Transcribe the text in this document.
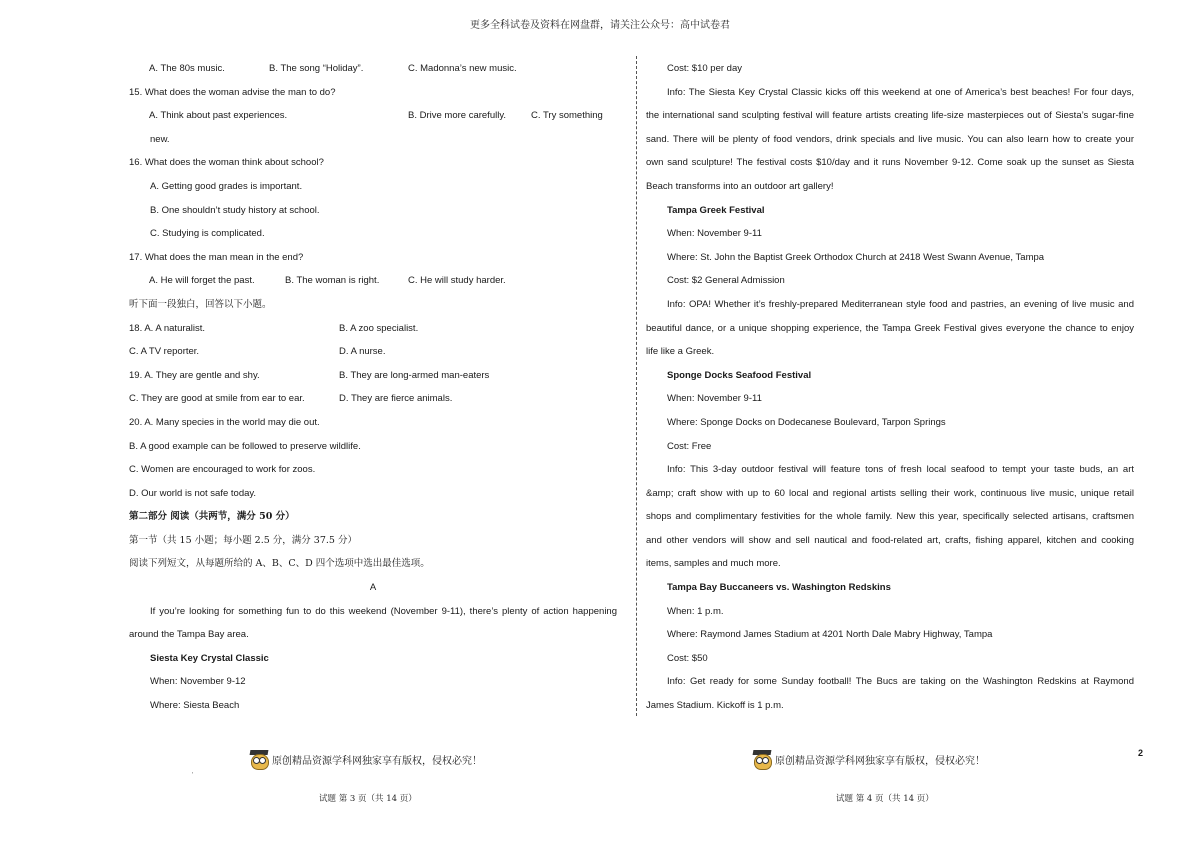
更多全科试卷及资料在网盘群，请关注公众号：高中试卷君
A. The 80s music.	B. The song “Holiday”.	C. Madonna’s new music.
15. What does the woman advise the man to do?
A. Think about past experiences.	B. Drive more carefully.	C. Try something
new.
16. What does the woman think about school?
A. Getting good grades is important.
B. One shouldn’t study history at school.
C. Studying is complicated.
17. What does the man mean in the end?
A. He will forget the past.	B. The woman is right.	C. He will study harder.
听下面一段独白，回答以下小题。
18. A. A naturalist.	B. A zoo specialist.
C. A TV reporter.	D. A nurse.
19. A. They are gentle and shy.	B. They are long-armed man-eaters
C. They are good at smile from ear to ear.	D. They are fierce animals.
20. A. Many species in the world may die out.
B. A good example can be followed to preserve wildlife.
C. Women are encouraged to work for zoos.
D. Our world is not safe today.
第二部分 阅读（共两节，满分 50 分）
第一节（共 15 小题；每小题 2.5 分，满分 37.5 分）
阅读下列短文，从每题所给的 A、B、C、D 四个选项中选出最佳选项。
A
If you’re looking for something fun to do this weekend (November 9-11), there’s plenty of action happening
around the Tampa Bay area.
Siesta Key Crystal Classic
When: November 9-12
Where: Siesta Beach
Cost: $10 per day
Info: The Siesta Key Crystal Classic kicks off this weekend at one of America’s best beaches! For four days,
the international sand sculpting festival will feature artists creating life-size masterpieces out of Siesta’s sugar-fine
sand. There will be plenty of food vendors, drink specials and live music. You can also learn how to create your
own sand sculpture! The festival costs $10/day and it runs November 9-12. Come soak up the sunset as Siesta
Beach transforms into an outdoor art gallery!
Tampa Greek Festival
When: November 9-11
Where: St. John the Baptist Greek Orthodox Church at 2418 West Swann Avenue, Tampa
Cost: $2 General Admission
Info: OPA! Whether it’s freshly-prepared Mediterranean style food and pastries, an evening of live music and
beautiful dance, or a unique shopping experience, the Tampa Greek Festival gives everyone the chance to enjoy
life like a Greek.
Sponge Docks Seafood Festival
When: November 9-11
Where: Sponge Docks on Dodecanese Boulevard, Tarpon Springs
Cost: Free
Info: This 3-day outdoor festival will feature tons of fresh local seafood to tempt your taste buds, an art
&amp; craft show with up to 60 local and regional artists selling their work, continuous live music, unique retail
shops and complimentary festivities for the whole family. New this year, specifically selected artisans, craftsmen
and other vendors will show and sell nautical and food-related art, crafts, fishing apparel, kitchen and cooking
items, samples and much more.
Tampa Bay Buccaneers vs. Washington Redskins
When: 1 p.m.
Where: Raymond James Stadium at 4201 North Dale Mabry Highway, Tampa
Cost: $50
Info: Get ready for some Sunday football! The Bucs are taking on the Washington Redskins at Raymond
James Stadium. Kickoff is 1 p.m.
原创精品资源学科网独家享有版权，侵权必究！	原创精品资源学科网独家享有版权，侵权必究！
'
2
试题 第 3 页（共 14 页）	试题 第 4 页（共 14 页）
